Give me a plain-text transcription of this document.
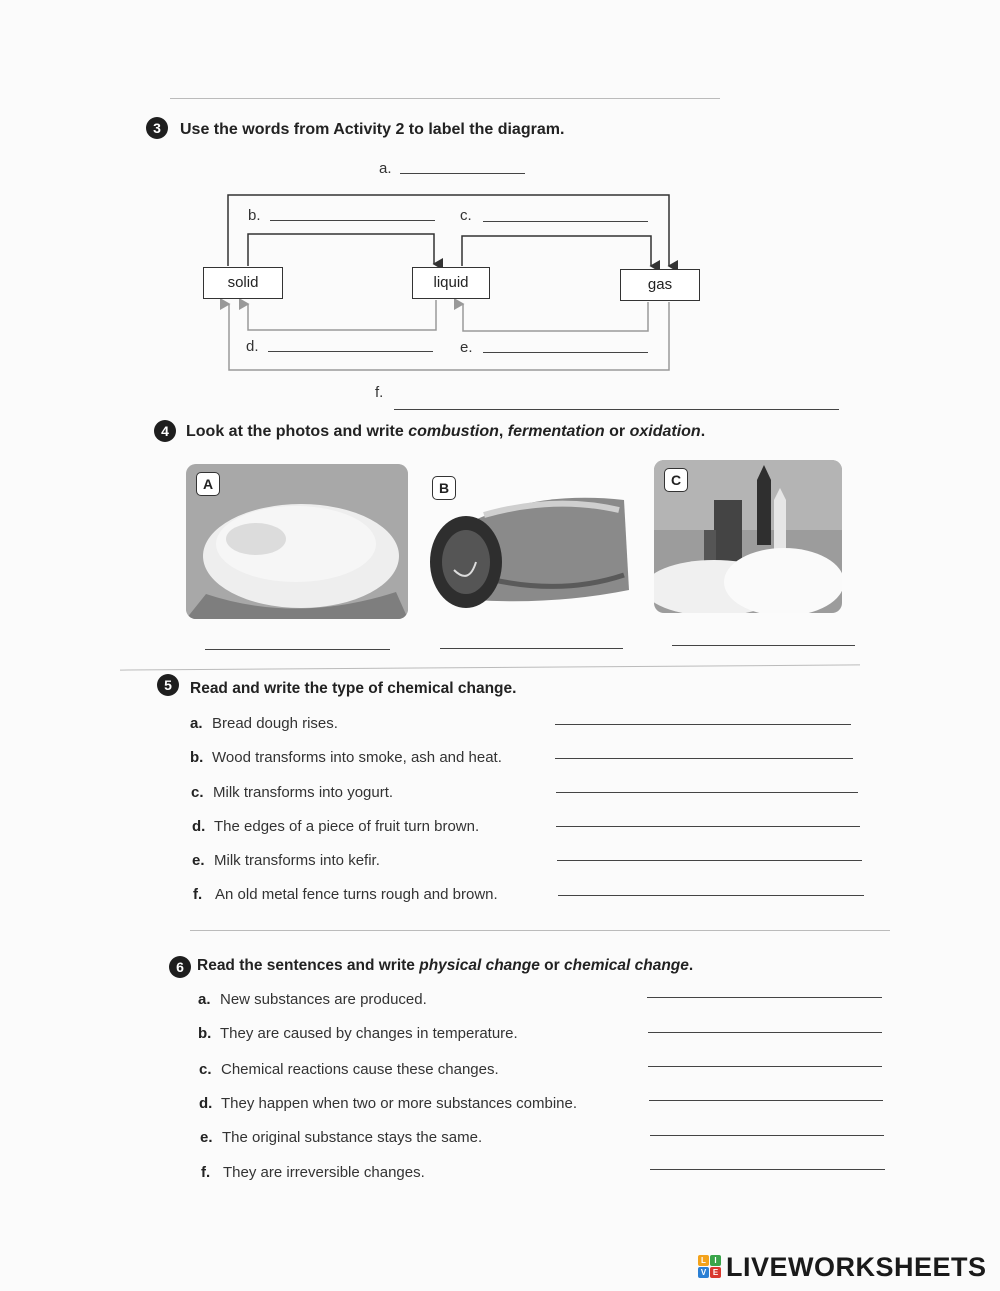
3	Use the words from Activity 2 to label the diagram.
solid	liquid	gas
a.
b.	c.
d.	e.
f.
4	Look at the photos and write combustion, fermentation or oxidation.
A	B	C
5	Read and write the type of chemical change.
a. Bread dough rises.
b. Wood transforms into smoke, ash and heat.
c. Milk transforms into yogurt.
d. The edges of a piece of fruit turn brown.
e. Milk transforms into kefir.
f. An old metal fence turns rough and brown.
6 Read the sentences and write physical change or chemical change.
a. New substances are produced.
b. They are caused by changes in temperature.
c. Chemical reactions cause these changes.
d. They happen when two or more substances combine.
e. The original substance stays the same.
f. They are irreversible changes.
L	I
V E LIVEWORKSHEETS
